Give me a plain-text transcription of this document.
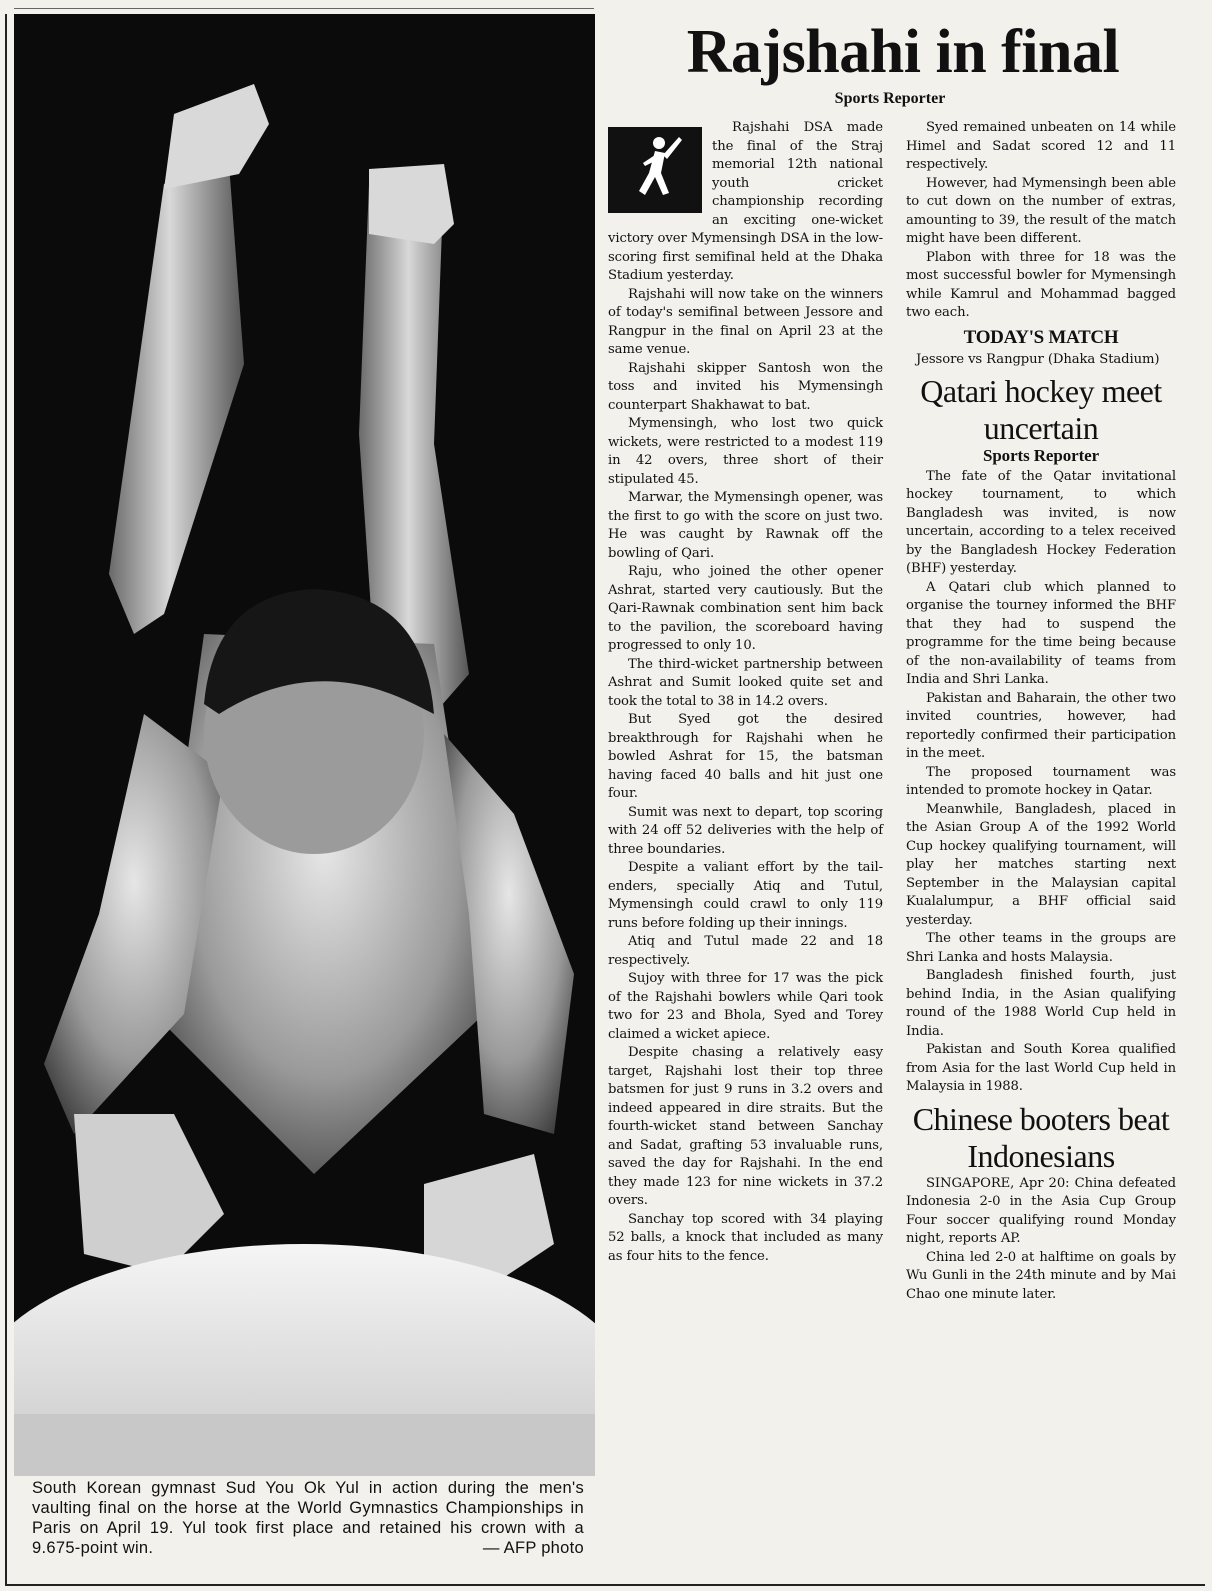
South Korean gymnast Sud You Ok Yul in action during the men's vaulting final on the horse at the World Gymnastics Championships in Paris on April 19. Yul took first place and retained his crown with a 9.675-point win.	— AFP photo
Rajshahi in final
Sports Reporter

Rajshahi DSA made the final of the Straj memorial 12th national youth cricket championship recording an exciting one-wicket victory over Mymensingh DSA in the low-scoring first semifinal held at the Dhaka Stadium yesterday.

Rajshahi will now take on the winners of today's semifinal between Jessore and Rangpur in the final on April 23 at the same venue.

Rajshahi skipper Santosh won the toss and invited his Mymensingh counterpart Shakhawat to bat.

Mymensingh, who lost two quick wickets, were restricted to a modest 119 in 42 overs, three short of their stipulated 45.

Marwar, the Mymensingh opener, was the first to go with the score on just two. He was caught by Rawnak off the bowling of Qari.

Raju, who joined the other opener Ashrat, started very cautiously. But the Qari-Rawnak combination sent him back to the pavilion, the scoreboard having progressed to only 10.

The third-wicket partnership between Ashrat and Sumit looked quite set and took the total to 38 in 14.2 overs.

But Syed got the desired breakthrough for Rajshahi when he bowled Ashrat for 15, the batsman having faced 40 balls and hit just one four.

Sumit was next to depart, top scoring with 24 off 52 deliveries with the help of three boundaries.

Despite a valiant effort by the tail-enders, specially Atiq and Tutul, Mymensingh could crawl to only 119 runs before folding up their innings.

Atiq and Tutul made 22 and 18 respectively.

Sujoy with three for 17 was the pick of the Rajshahi bowlers while Qari took two for 23 and Bhola, Syed and Torey claimed a wicket apiece.

Despite chasing a relatively easy target, Rajshahi lost their top three batsmen for just 9 runs in 3.2 overs and indeed appeared in dire straits. But the fourth-wicket stand between Sanchay and Sadat, grafting 53 invaluable runs, saved the day for Rajshahi. In the end they made 123 for nine wickets in 37.2 overs.

Sanchay top scored with 34 playing 52 balls, a knock that included as many as four hits to the fence.

Syed remained unbeaten on 14 while Himel and Sadat scored 12 and 11 respectively.

However, had Mymensingh been able to cut down on the number of extras, amounting to 39, the result of the match might have been different.

Plabon with three for 18 was the most successful bowler for Mymensingh while Kamrul and Mohammad bagged two each.

TODAY'S MATCH

Jessore vs Rangpur (Dhaka Stadium)

Qatari hockey meet uncertain
Sports Reporter

The fate of the Qatar invitational hockey tournament, to which Bangladesh was invited, is now uncertain, according to a telex received by the Bangladesh Hockey Federation (BHF) yesterday.

A Qatari club which planned to organise the tourney informed the BHF that they had to suspend the programme for the time being because of the non-availability of teams from India and Shri Lanka.

Pakistan and Baharain, the other two invited countries, however, had reportedly confirmed their participation in the meet.

The proposed tournament was intended to promote hockey in Qatar.

Meanwhile, Bangladesh, placed in the Asian Group A of the 1992 World Cup hockey qualifying tournament, will play her matches starting next September in the Malaysian capital Kualalumpur, a BHF official said yesterday.

The other teams in the groups are Shri Lanka and hosts Malaysia.

Bangladesh finished fourth, just behind India, in the Asian qualifying round of the 1988 World Cup held in India.

Pakistan and South Korea qualified from Asia for the last World Cup held in Malaysia in 1988.

Chinese booters beat Indonesians

SINGAPORE, Apr 20: China defeated Indonesia 2-0 in the Asia Cup Group Four soccer qualifying round Monday night, reports AP.

China led 2-0 at halftime on goals by Wu Gunli in the 24th minute and by Mai Chao one minute later.
